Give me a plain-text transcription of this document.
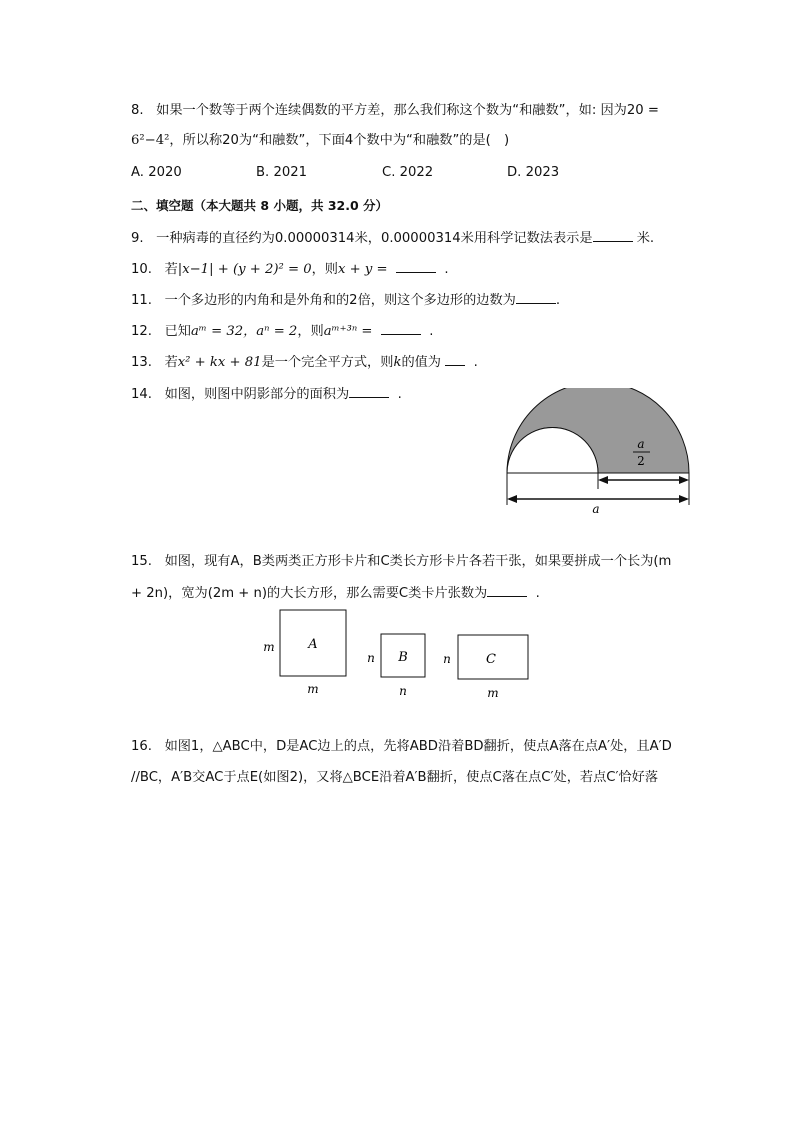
8. 如果一个数等于两个连续偶数的平方差，那么我们称这个数为“和融数”，如: 因为20 =
6²−4²，所以称20为“和融数”，下面4个数中为“和融数”的是(　)
A. 2020	B. 2021	C. 2022	D. 2023
二、填空题（本大题共 8 小题，共 32.0 分）
9. 一种病毒的直径约为0.00000314米，0.00000314米用科学记数法表示是	米.
10. 若|x−1| + (y + 2)² = 0，则x + y =	.
11. 一个多边形的内角和是外角和的2倍，则这个多边形的边数为	.
12. 已知aᵐ = 32，aⁿ = 2，则aᵐ⁺³ⁿ =	.
13. 若x² + kx + 81是一个完全平方式，则k的值为 .
14. 如图，则图中阴影部分的面积为	.
a
2
a
15. 如图，现有A，B类两类正方形卡片和C类长方形卡片各若干张，如果要拼成一个长为(m
+ 2n)，宽为(2m + n)的大长方形，那么需要C类卡片张数为	.
A
m
m
B
n
n
C
n
m
16. 如图1，△ABC中，D是AC边上的点，先将ABD沿着BD翻折，使点A落在点A′处，且A′D
//BC，A′B交AC于点E(如图2)，又将△BCE沿着A′B翻折，使点C落在点C′处，若点C′恰好落
